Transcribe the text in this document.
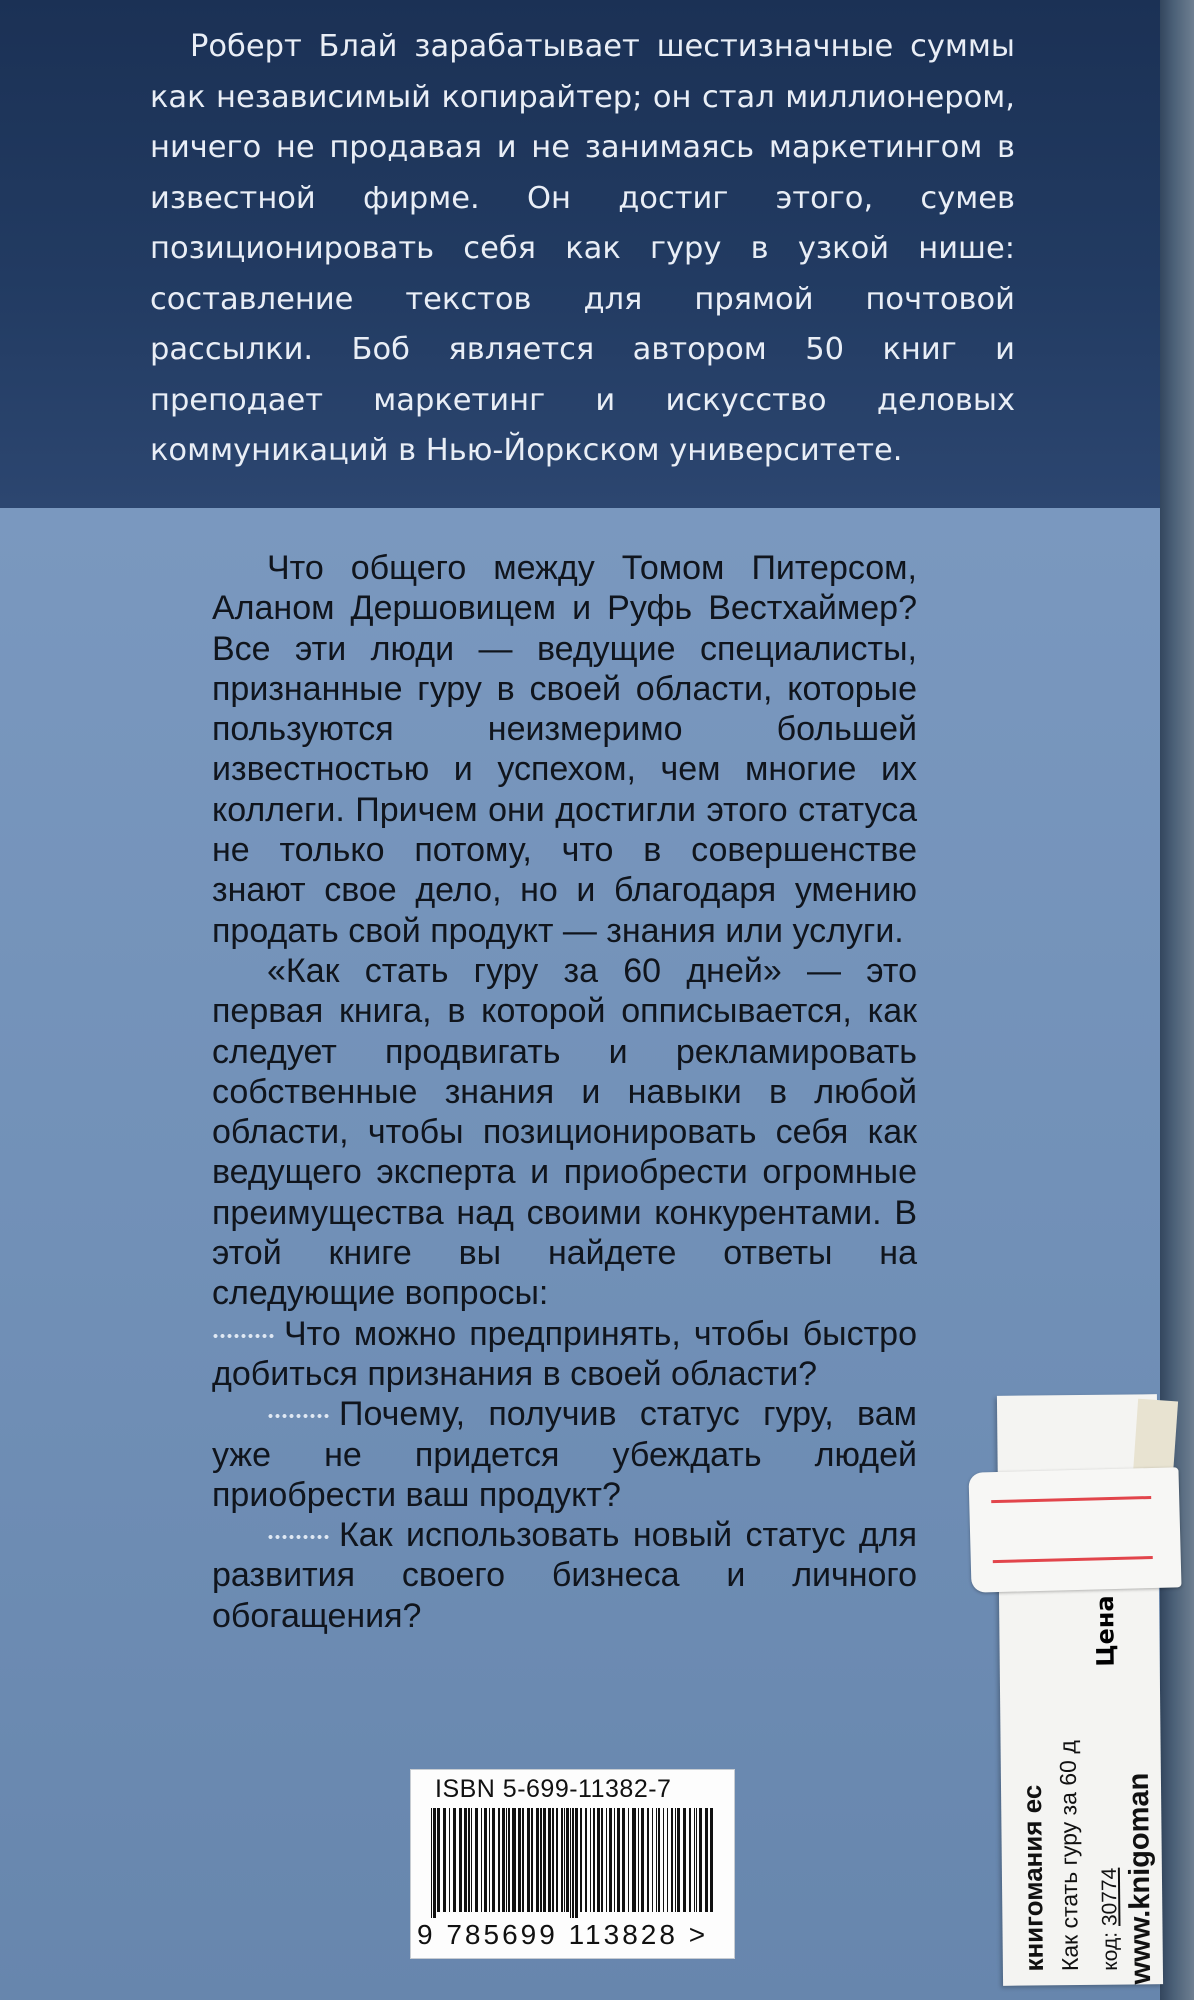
Роберт Блай зарабатывает шестизначные суммы как независимый копирайтер; он стал миллионером, ничего не продавая и не занимаясь маркетингом в известной фирме. Он достиг этого, сумев позиционировать себя как гуру в узкой нише: составление текстов для прямой почтовой рассылки. Боб является автором 50 книг и преподает маркетинг и искусство деловых коммуникаций в Нью-Йоркском университете.

Что общего между Томом Питерсом, Аланом Дершовицем и Руфь Вестхаймер? Все эти люди — ведущие специалисты, признанные гуру в своей области, которые пользуются неизмеримо большей известностью и успехом, чем многие их коллеги. Причем они достигли этого статуса не только потому, что в совершенстве знают свое дело, но и благодаря умению продать свой продукт — знания или услуги.

«Как стать гуру за 60 дней» — это первая книга, в которой опписывается, как следует продвигать и рекламировать собственные знания и навыки в любой области, чтобы позиционировать себя как ведущего эксперта и приобрести огромные преимущества над своими конкурентами. В этой книге вы найдете ответы на следующие вопросы:

Что можно предпринять, чтобы быстро добиться признания в своей области?

Почему, получив статус гуру, вам уже не придется убеждать людей приобрести ваш продукт?

Как использовать новый статус для развития своего бизнеса и личного обогащения?

ISBN 5-699-11382-7
9 785699 113828 >	книгомания ес Как стать гуру за 60 д код: 30774
Цена
www.knigoman
